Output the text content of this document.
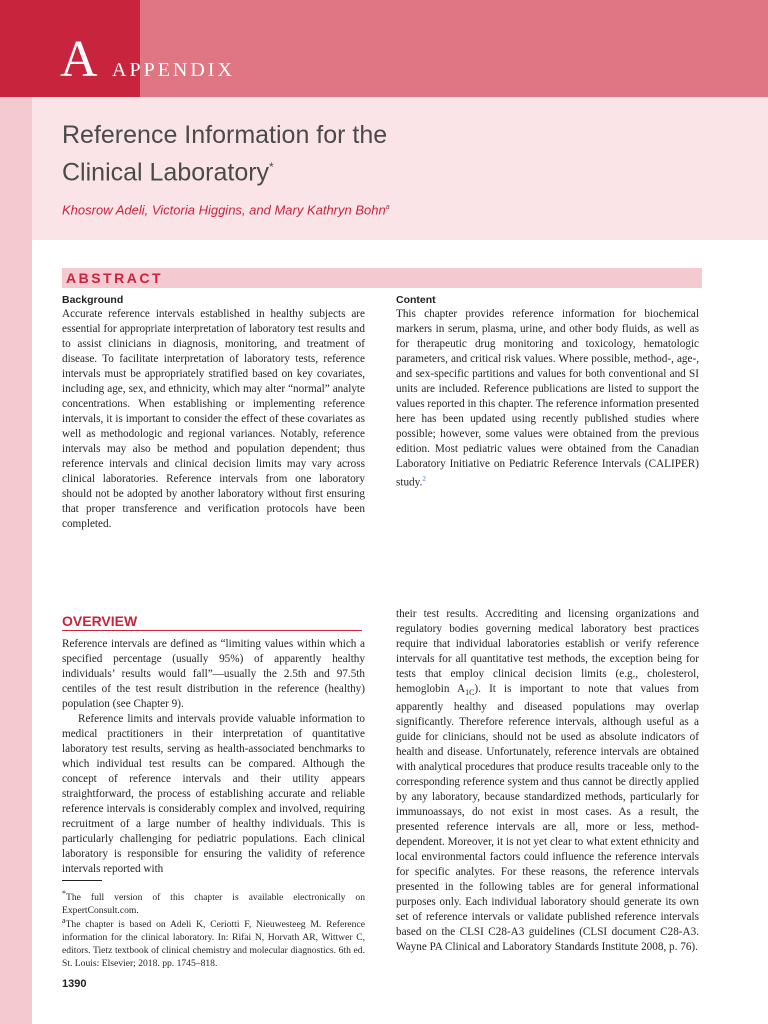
A APPENDIX
Reference Information for the
Clinical Laboratory*
Khosrow Adeli, Victoria Higgins, and Mary Kathryn Bohn$^a$
ABSTRACT
Background

Accurate reference intervals established in healthy subjects are essential for appropriate interpretation of laboratory test results and to assist clinicians in diagnosis, monitoring, and treatment of disease. To facilitate interpretation of laboratory tests, reference intervals must be appropriately stratified based on key covariates, including age, sex, and ethnicity, which may alter “normal” analyte concentrations. When establishing or implementing reference intervals, it is important to consider the effect of these covariates as well as methodologic and regional variances. Notably, reference intervals may also be method and population dependent; thus reference intervals and clinical decision limits may vary across clinical laboratories. Reference intervals from one laboratory should not be adopted by another laboratory without first ensuring that proper transference and verification protocols have been completed.

Content

This chapter provides reference information for biochemical markers in serum, plasma, urine, and other body fluids, as well as for therapeutic drug monitoring and toxicology, hematologic parameters, and critical risk values. Where possible, method-, age-, and sex-specific partitions and values for both conventional and SI units are included. Reference publications are listed to support the values reported in this chapter. The reference information presented here has been updated using recently published studies where possible; however, some values were obtained from the previous edition. Most pediatric values were obtained from the Canadian Laboratory Initiative on Pediatric Reference Intervals (CALIPER) study.$^2$

OVERVIEW

Reference intervals are defined as “limiting values within which a specified percentage (usually 95%) of apparently healthy individuals’ results would fall”—usually the 2.5th and 97.5th centiles of the test result distribution in the reference (healthy) population (see Chapter 9).
Reference limits and intervals provide valuable information to medical practitioners in their interpretation of quantitative laboratory test results, serving as health-associated benchmarks to which individual test results can be compared. Although the concept of reference intervals and their utility appears straightforward, the process of establishing accurate and reliable reference intervals is considerably complex and involved, requiring recruitment of a large number of healthy individuals. This is particularly challenging for pediatric populations. Each clinical laboratory is responsible for ensuring the validity of reference intervals reported with

their test results. Accrediting and licensing organizations and regulatory bodies governing medical laboratory best practices require that individual laboratories establish or verify reference intervals for all quantitative test methods, the exception being for tests that employ clinical decision limits (e.g., cholesterol, hemoglobin $A_{1C}$). It is important to note that values from apparently healthy and diseased populations may overlap significantly. Therefore reference intervals, although useful as a guide for clinicians, should not be used as absolute indicators of health and disease. Unfortunately, reference intervals are obtained with analytical procedures that produce results traceable only to the corresponding reference system and thus cannot be directly applied by any laboratory, because standardized methods, particularly for immunoassays, do not exist in most cases. As a result, the presented reference intervals are all, more or less, method-dependent. Moreover, it is not yet clear to what extent ethnicity and local environmental factors could influence the reference intervals for specific analytes. For these reasons, the reference intervals presented in the following tables are for general informational purposes only. Each individual laboratory should generate its own set of reference intervals or validate published reference intervals based on the CLSI C28-A3 guidelines (CLSI document C28-A3. Wayne PA Clinical and Laboratory Standards Institute 2008, p. 76).

*The full version of this chapter is available electronically on ExpertConsult.com.

$^a$The chapter is based on Adeli K, Ceriotti F, Nieuwesteeg M. Reference information for the clinical laboratory. In: Rifai N, Horvath AR, Wittwer C, editors. Tietz textbook of clinical chemistry and molecular diagnostics. 6th ed. St. Louis: Elsevier; 2018. pp. 1745–818.

1390
